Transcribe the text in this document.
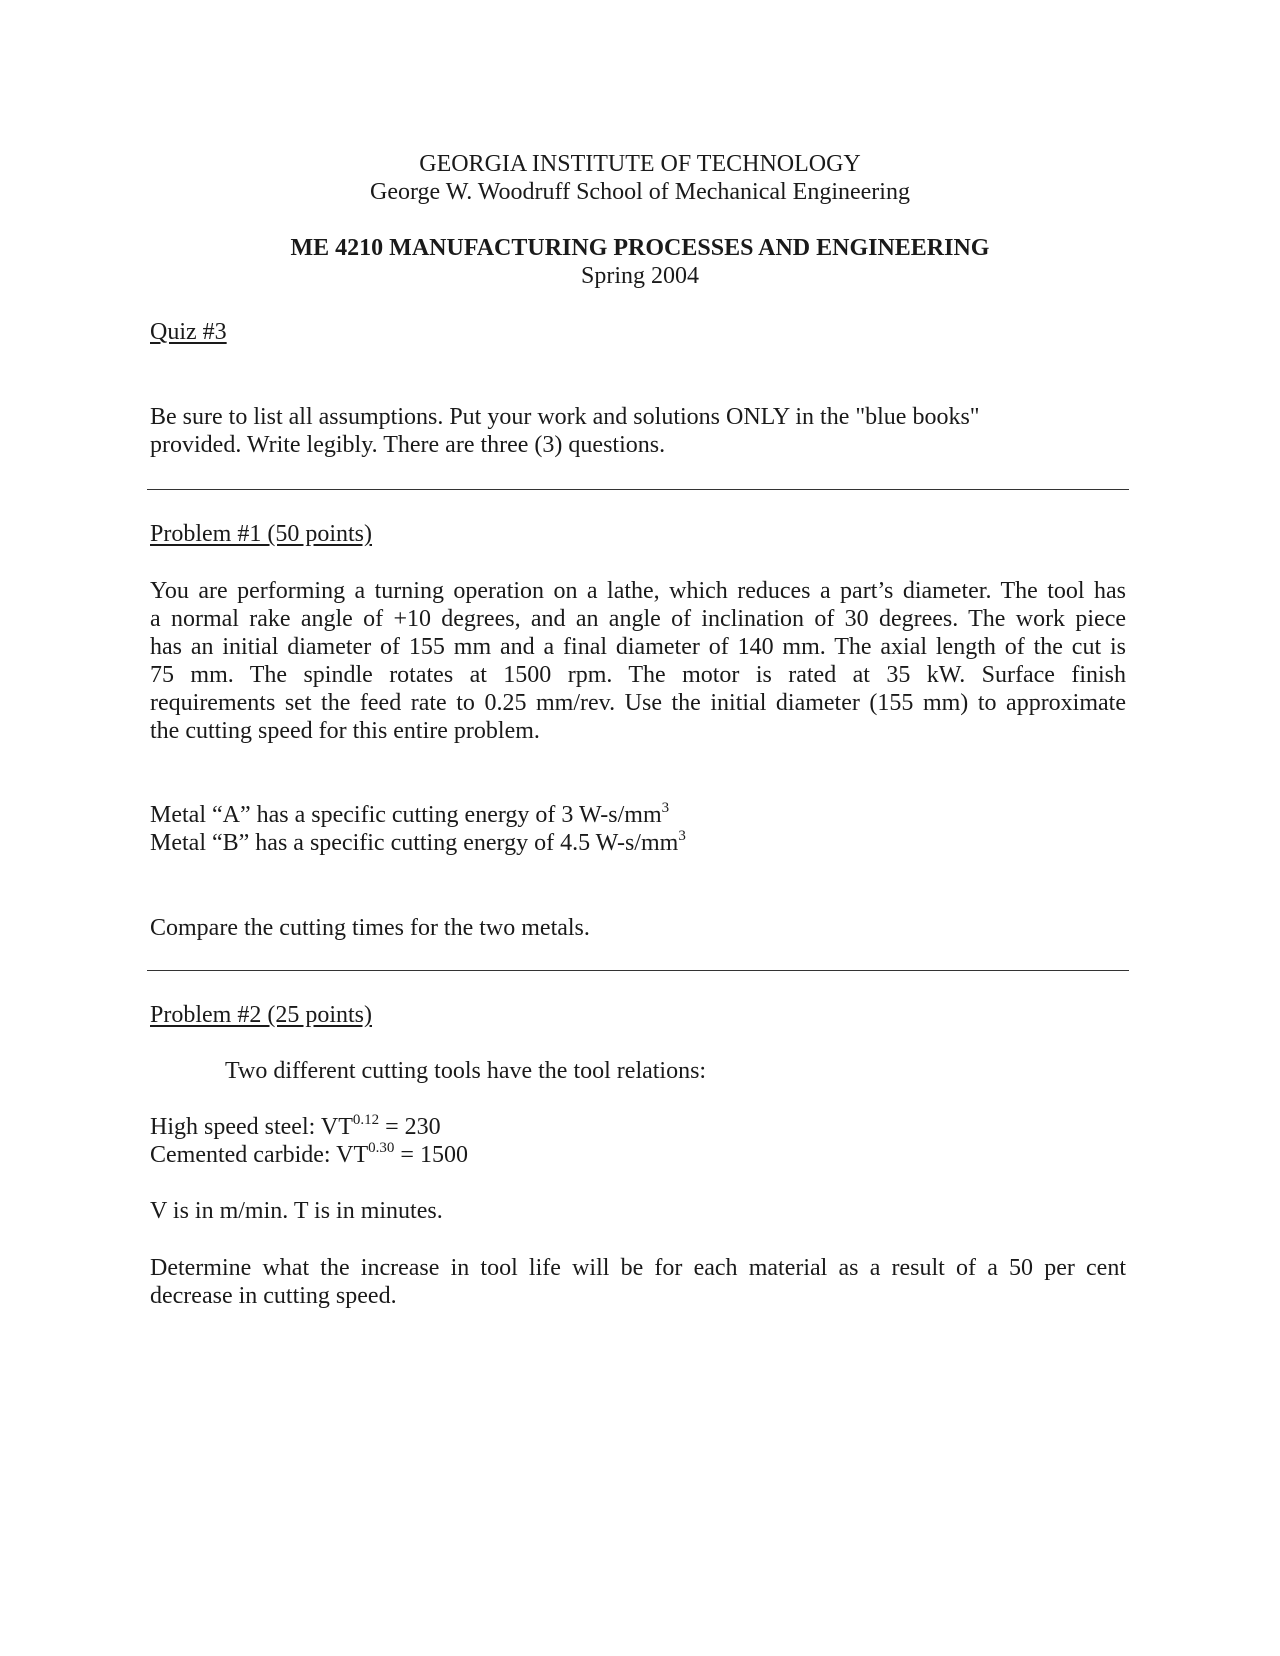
GEORGIA INSTITUTE OF TECHNOLOGY
George W. Woodruff School of Mechanical Engineering
ME 4210 MANUFACTURING PROCESSES AND ENGINEERING
Spring 2004
Quiz #3
Be sure to list all assumptions. Put your work and solutions ONLY in the "blue books"
provided. Write legibly. There are three (3) questions.
Problem #1 (50 points)
You are performing a turning operation on a lathe, which reduces a part’s diameter. The tool has
a normal rake angle of +10 degrees, and an angle of inclination of 30 degrees. The work piece
has an initial diameter of 155 mm and a final diameter of 140 mm. The axial length of the cut is
75 mm. The spindle rotates at 1500 rpm. The motor is rated at 35 kW. Surface finish
requirements set the feed rate to 0.25 mm/rev. Use the initial diameter (155 mm) to approximate
the cutting speed for this entire problem.
Metal “A” has a specific cutting energy of 3 $W-s/mm^3$
Metal “B” has a specific cutting energy of 4.5 $W-s/mm^3$
Compare the cutting times for the two metals.
Problem #2 (25 points)
Two different cutting tools have the tool relations:
High speed steel: $VT^{0.12} = 230$
Cemented carbide: $VT^{0.30} = 1500$
V is in m/min. T is in minutes.
Determine what the increase in tool life will be for each material as a result of a 50 per cent
decrease in cutting speed.
